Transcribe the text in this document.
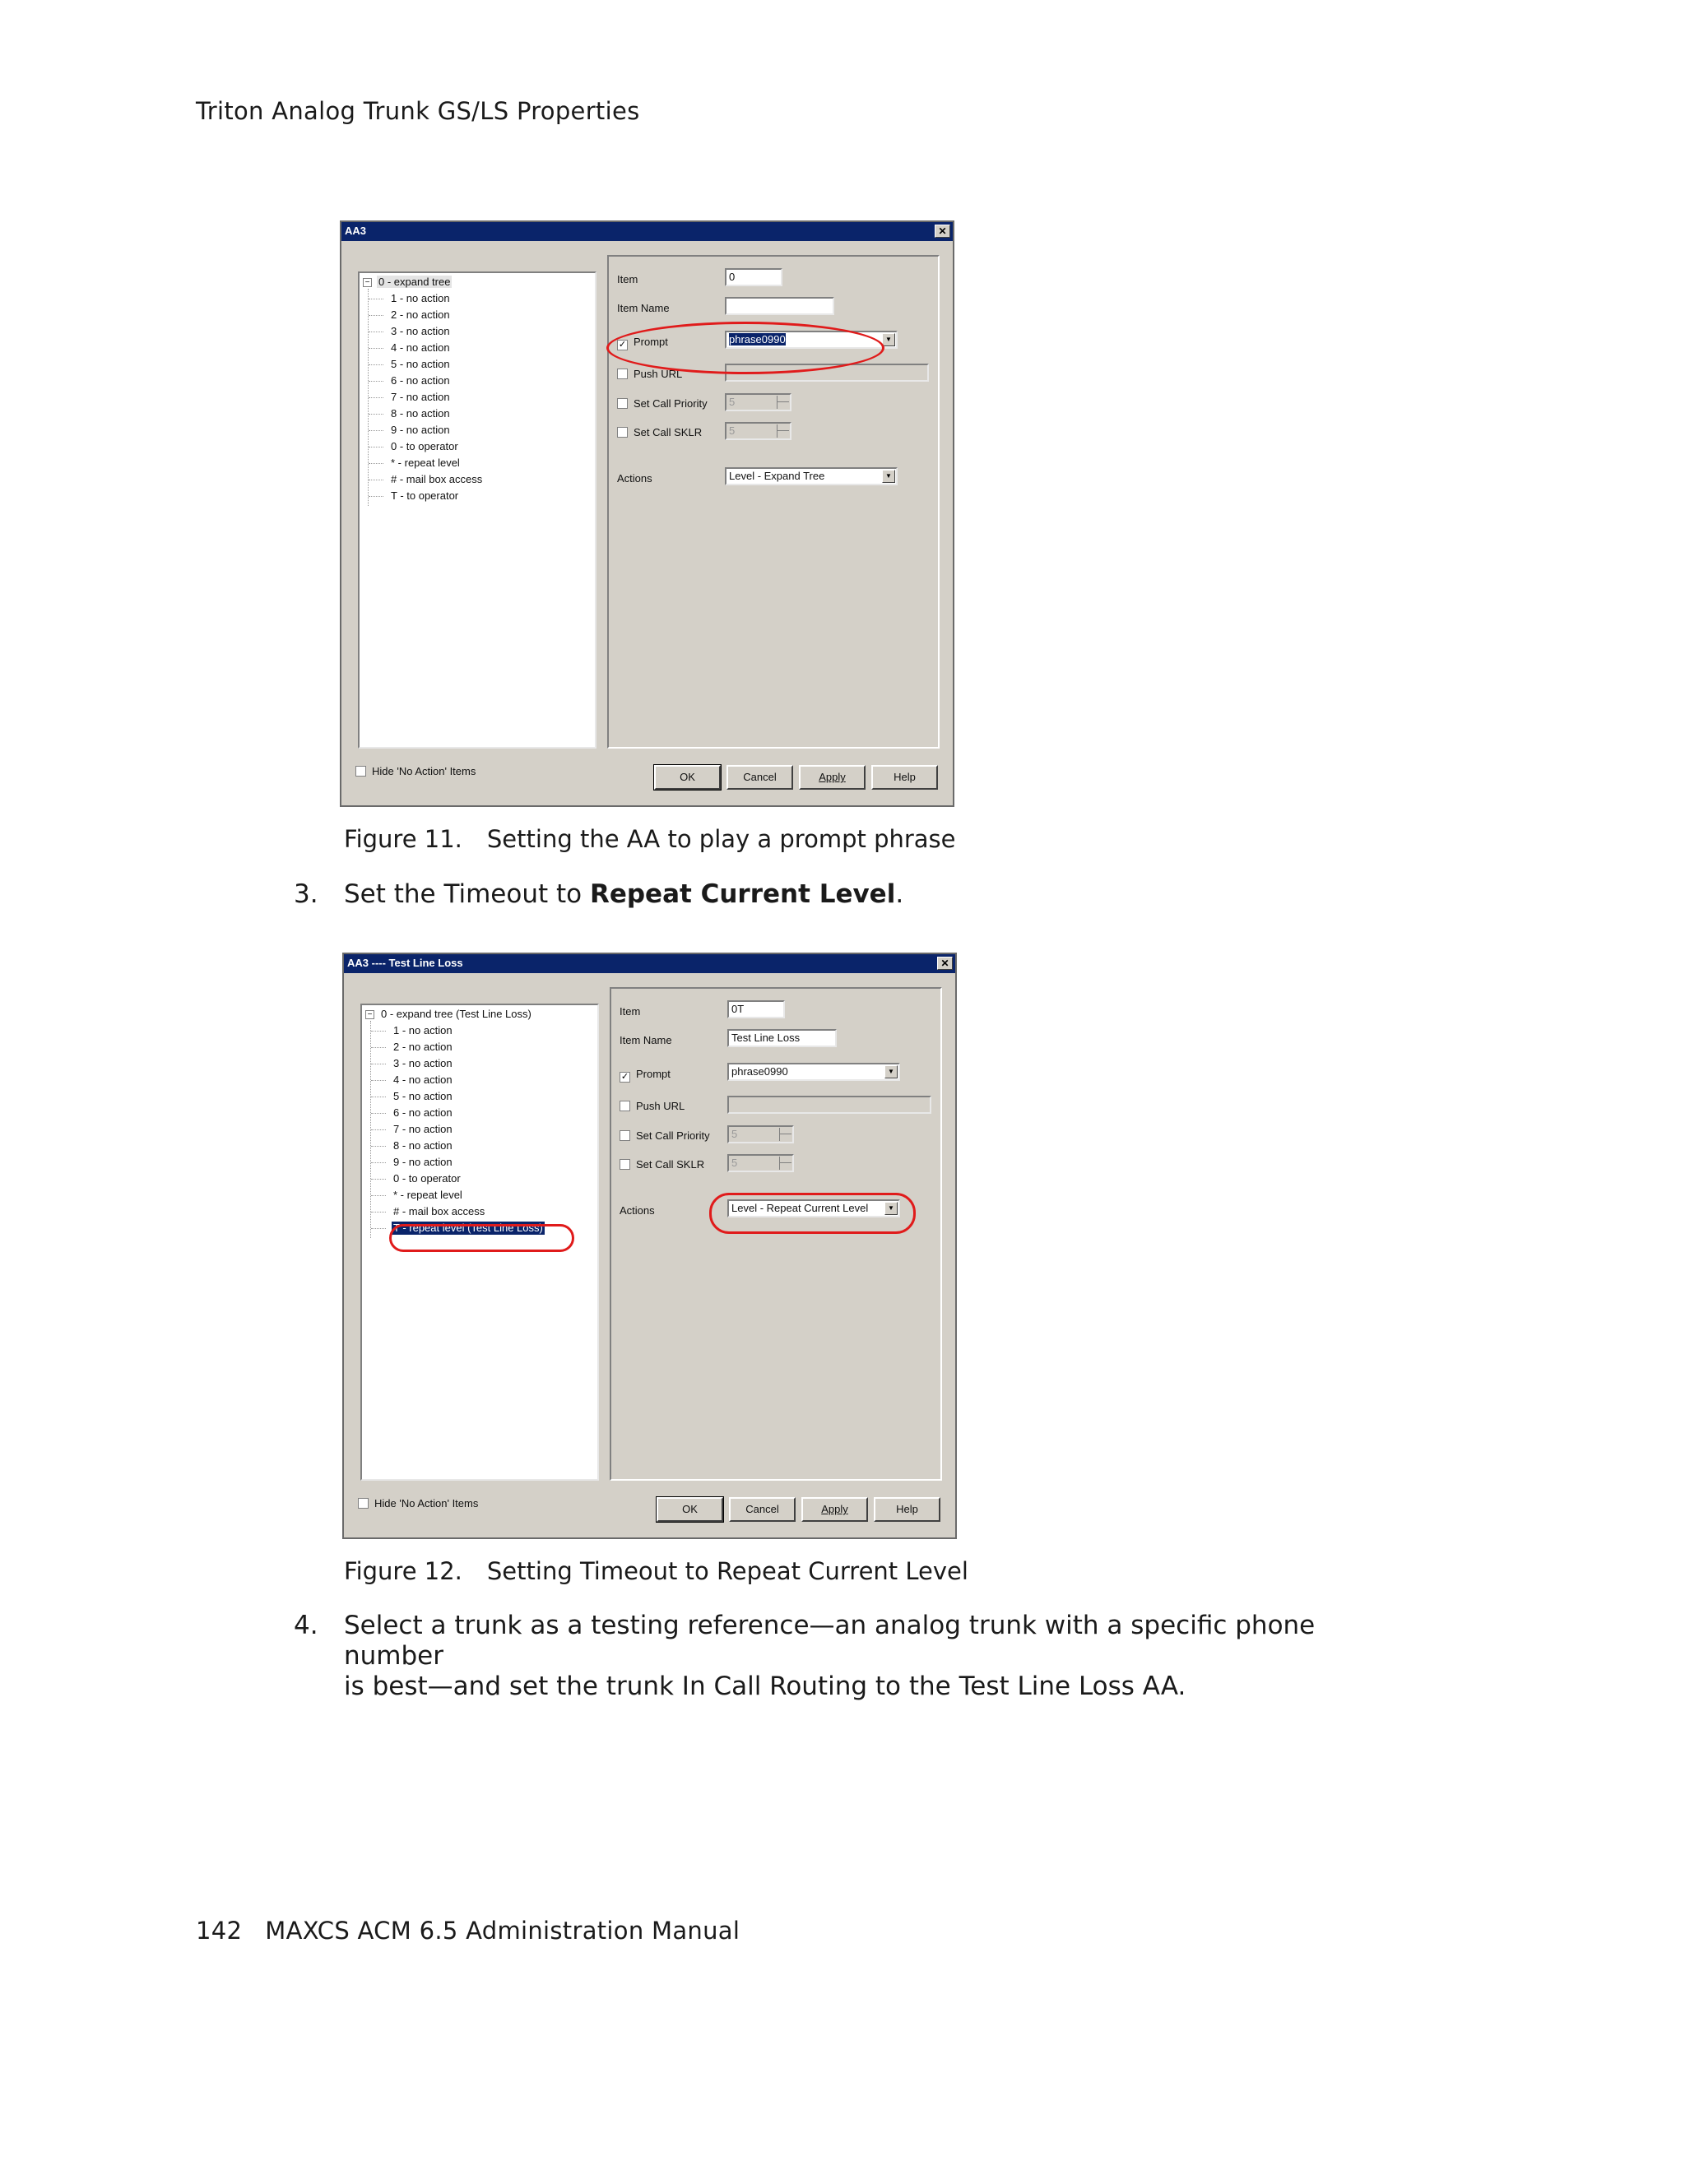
Triton Analog Trunk GS/LS Properties
AA3	✕
− 0 - expand tree
1 - no action
2 - no action
3 - no action
4 - no action
5 - no action
6 - no action
7 - no action
8 - no action
9 - no action
0 - to operator
* - repeat level
# - mail box access
T - to operator
Item	0
Item Name
✓ Prompt	phrase0990	▼
Push URL
Set Call Priority	5
Set Call SKLR	5
Actions	Level - Expand Tree	▼
Hide 'No Action' Items	OK	Cancel	Apply	Help
Figure 11. Setting the AA to play a prompt phrase
3. Set the Timeout to Repeat Current Level.
AA3 ---- Test Line Loss	✕
− 0 - expand tree (Test Line Loss)
1 - no action
2 - no action
3 - no action
4 - no action
5 - no action
6 - no action
7 - no action
8 - no action
9 - no action
0 - to operator
* - repeat level
# - mail box access
T - repeat level (Test Line Loss)
Item	0T
Item Name	Test Line Loss
✓ Prompt	phrase0990	▼
Push URL
Set Call Priority	5
Set Call SKLR	5
Actions	Level - Repeat Current Level	▼
Hide 'No Action' Items	OK	Cancel	Apply	Help
Figure 12. Setting Timeout to Repeat Current Level
4. Select a trunk as a testing reference—an analog trunk with a specific phone number
is best—and set the trunk In Call Routing to the Test Line Loss AA.
142 MAXCS ACM 6.5 Administration Manual
